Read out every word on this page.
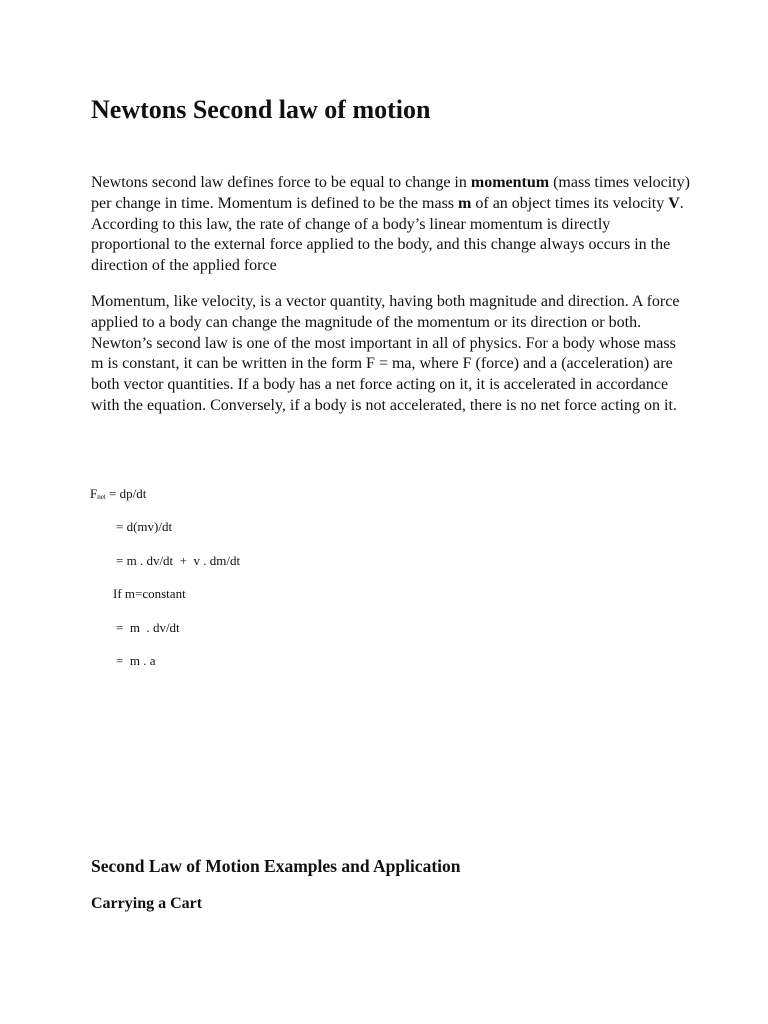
Newtons Second law of motion

Newtons second law defines force to be equal to change in momentum (mass times velocity) per change in time. Momentum is defined to be the mass m of an object times its velocity V. According to this law, the rate of change of a body’s linear momentum is directly proportional to the external force applied to the body, and this change always occurs in the direction of the applied force

Momentum, like velocity, is a vector quantity, having both magnitude and direction. A force applied to a body can change the magnitude of the momentum or its direction or both. Newton’s second law is one of the most important in all of physics. For a body whose mass m is constant, it can be written in the form F = ma, where F (force) and a (acceleration) are both vector quantities. If a body has a net force acting on it, it is accelerated in accordance with the equation. Conversely, if a body is not accelerated, there is no net force acting on it.

$F_{net} = dp/dt$
= d(mv)/dt
= m . dv/dt  +  v . dm/dt
If m=constant
=  m  . dv/dt
=  m . a
Second Law of Motion Examples and Application
Carrying a Cart
